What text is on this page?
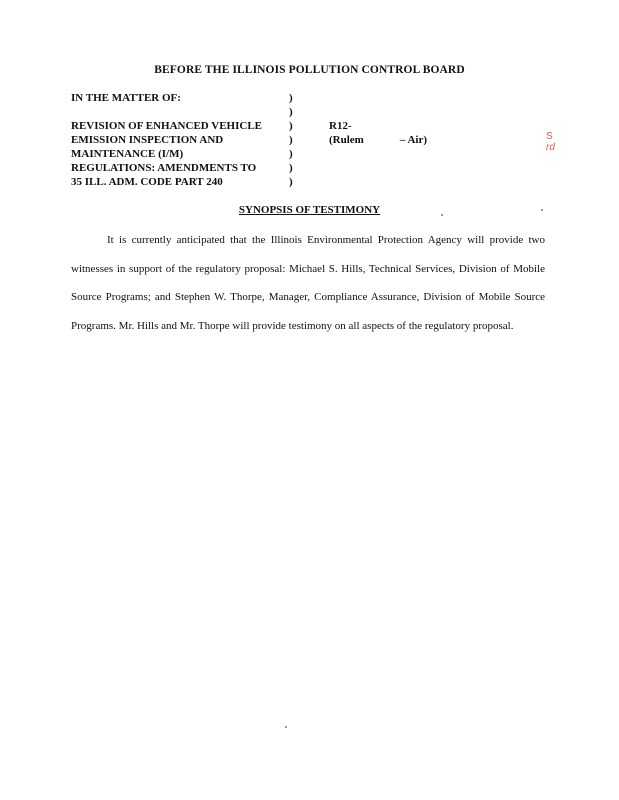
BEFORE THE ILLINOIS POLLUTION CONTROL BOARD
IN THE MATTER OF:
REVISION OF ENHANCED VEHICLE
EMISSION INSPECTION AND
MAINTENANCE (I/M)
REGULATIONS: AMENDMENTS TO
35 ILL. ADM. CODE PART 240
)
)
)
)
)
)
)
R12-
(Rulem	– Air)	S
rd
SYNOPSIS OF TESTIMONY
It is currently anticipated that the Illinois Environmental Protection Agency will provide two witnesses in support of the regulatory proposal: Michael S. Hills, Technical Services, Division of Mobile Source Programs; and Stephen W. Thorpe, Manager, Compliance Assurance, Division of Mobile Source Programs. Mr. Hills and Mr. Thorpe will provide testimony on all aspects of the regulatory proposal.
